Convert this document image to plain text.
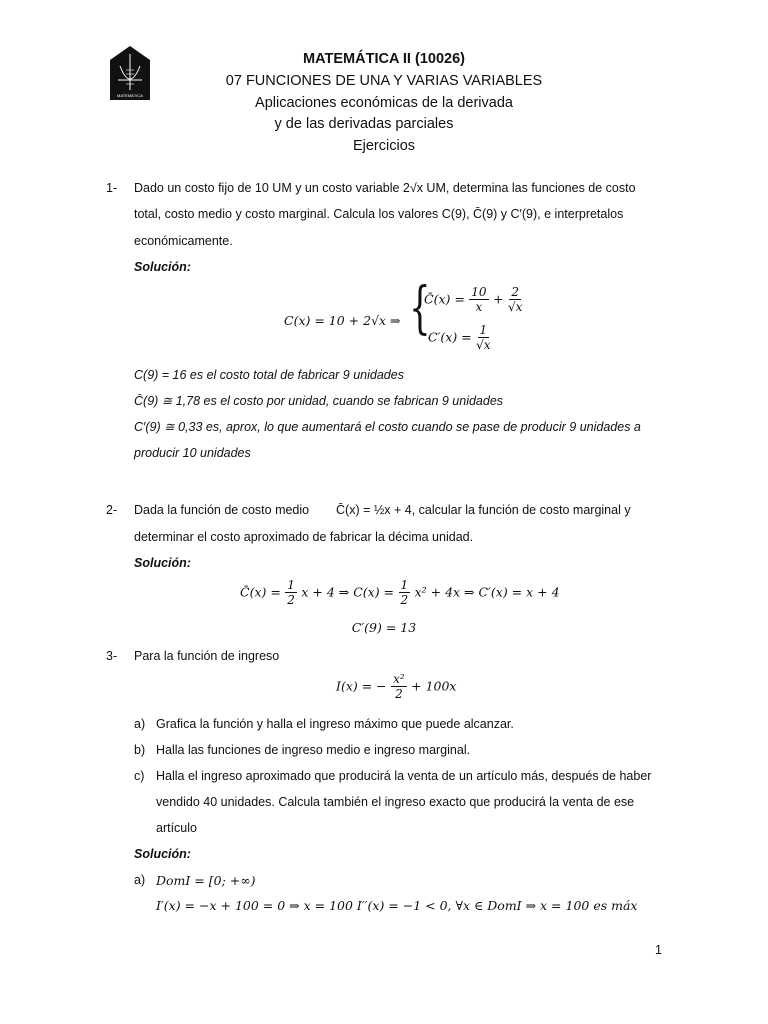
MATEMÁTICA
MATEMÁTICA II (10026)
07 FUNCIONES DE UNA Y VARIAS VARIABLES
Aplicaciones económicas de la derivada
y de las derivadas parciales
Ejercicios
1- Dado un costo fijo de 10 UM y un costo variable 2√x UM, determina las funciones de costo
total, costo medio y costo marginal. Calcula los valores C(9), C̄(9) y C′(9), e interpretalos
económicamente.
Solución:
C(x) = 10 + 2√x ⇒ {
C̄(x) = $\frac{10}{x} + \frac{2}{√x}$
$C'(x) = \frac{1}{√x}$
C(9) = 16 es el costo total de fabricar 9 unidades
C̄(9) ≅ 1,78 es el costo por unidad, cuando se fabrican 9 unidades
C′(9) ≅ 0,33 es, aprox, lo que aumentará el costo cuando se pase de producir 9 unidades a
producir 10 unidades
2- Dada la función de costo medio C̄(x) = ½x + 4, calcular la función de costo marginal y
determinar el costo aproximado de fabricar la décima unidad.
Solución:
C̄(x) = $\frac{1}{2}$ x + 4 ⇒ $C(x) = \frac{1}{2} x^2 + 4x$ ⇒ C′(x) = x + 4
C′(9) = 13
3- Para la función de ingreso
I(x) = − $\frac{\text{x²}}{2} + 100x$
a) Grafica la función y halla el ingreso máximo que puede alcanzar.
b) Halla las funciones de ingreso medio e ingreso marginal.
c) Halla el ingreso aproximado que producirá la venta de un artículo más, después de haber
vendido 40 unidades. Calcula también el ingreso exacto que producirá la venta de ese
artículo
Solución:
a) DomI = [0; +∞)
I′(x) = −x + 100 = 0 ⇒ x = 100 I′′(x) = −1 < 0, ∀x ∈ DomI ⇒ x = 100 es máx
1
